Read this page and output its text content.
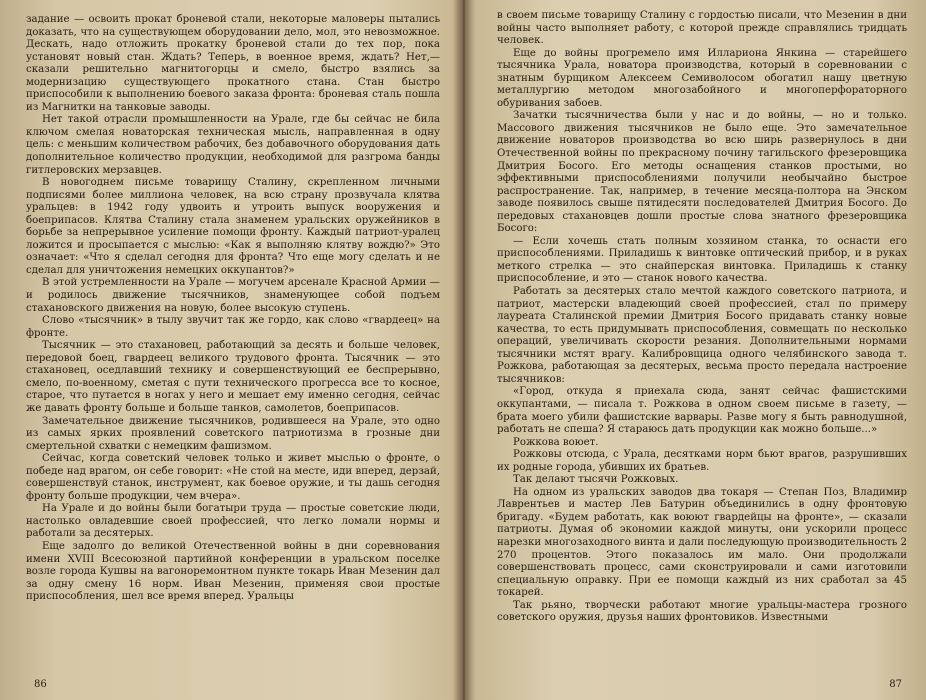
задание — освоить прокат броневой стали, некоторые маловеры пытались доказать, что на существующем оборудовании дело, мол, это невозможное. Дескать, надо отложить прокатку броневой стали до тех пор, пока установят новый стан. Ждать? Теперь, в военное время, ждать? Нет,—сказали решительно магнитогорцы и смело, быстро взялись за модернизацию существующего прокатного стана. Стан быстро приспособили к выполнению боевого заказа фронта: броневая сталь пошла из Магнитки на танковые заводы.

Нет такой отрасли промышленности на Урале, где бы сейчас не била ключом смелая новаторская техническая мысль, направленная в одну цель: с меньшим количеством рабочих, без добавочного оборудования дать дополнительное количество продукции, необходимой для разгрома банды гитлеровских мерзавцев.

В новогоднем письме товарищу Сталину, скрепленном личными подписями более миллиона человек, на всю страну прозвучала клятва уральцев: в 1942 году удвоить и утроить выпуск вооружения и боеприпасов. Клятва Сталину стала знаменем уральских оружейников в борьбе за непрерывное усиление помощи фронту. Каждый патриот-уралец ложится и просыпается с мыслью: «Как я выполняю клятву вождю?» Это означает: «Что я сделал сегодня для фронта? Что еще могу сделать и не сделал для уничтожения немецких оккупантов?»

В этой устремленности на Урале — могучем арсенале Красной Армии — и родилось движение тысячников, знаменующее собой подъем стахановского движения на новую, более высокую ступень.

Слово «тысячник» в тылу звучит так же гордо, как слово «гвардеец» на фронте.

Тысячник — это стахановец, работающий за десять и больше человек, передовой боец, гвардеец великого трудового фронта. Тысячник — это стахановец, оседлавший технику и совершенствующий ее беспрерывно, смело, по-военному, сметая с пути технического прогресса все то косное, старое, что путается в ногах у него и мешает ему именно сегодня, сейчас же давать фронту больше и больше танков, самолетов, боеприпасов.

Замечательное движение тысячников, родившееся на Урале, это одно из самых ярких проявлений советского патриотизма в грозные дни смертельной схватки с немецким фашизмом.

Сейчас, когда советский человек только и живет мыслью о фронте, о победе над врагом, он себе говорит: «Не стой на месте, иди вперед, дерзай, совершенствуй станок, инструмент, как боевое оружие, и ты дашь сегодня фронту больше продукции, чем вчера».

На Урале и до войны были богатыри труда — простые советские люди, настолько овладевшие своей профессией, что легко ломали нормы и работали за десятерых.

Еще задолго до великой Отечественной войны в дни соревнования имени XVIII Всесоюзной партийной конференции в уральском поселке возле города Кушвы на вагоноремонтном пункте токарь Иван Мезенин дал за одну смену 16 норм. Иван Мезенин, применяя свои простые приспособления, шел все время вперед. Уральцы

86

в своем письме товарищу Сталину с гордостью писали, что Мезенин в дни войны часто выполняет работу, с которой прежде справлялись тридцать человек.

Еще до войны прогремело имя Иллариона Янкина — старейшего тысячника Урала, новатора производства, который в соревновании с знатным бурщиком Алексеем Семиволосом обогатил нашу цветную металлургию методом многозабойного и многоперфораторного обуривания забоев.

Зачатки тысячничества были у нас и до войны, — но и только. Массового движения тысячников не было еще. Это замечательное движение новаторов производства во всю ширь развернулось в дни Отечественной войны по прекрасному почину тагильского фрезеровщика Дмитрия Босого. Его методы оснащения станков простыми, но эффективными приспособлениями получили необычайно быстрое распространение. Так, например, в течение месяца-полтора на Энском заводе появилось свыше пятидесяти последователей Дмитрия Босого. До передовых стахановцев дошли простые слова знатного фрезеровщика Босого:

— Если хочешь стать полным хозяином станка, то оснасти его приспособлениями. Приладишь к винтовке оптический прибор, и в руках меткого стрелка — это снайперская винтовка. Приладишь к станку приспособление, и это — станок нового качества.

Работать за десятерых стало мечтой каждого советского патриота, и патриот, мастерски владеющий своей профессией, стал по примеру лауреата Сталинской премии Дмитрия Босого придавать станку новые качества, то есть придумывать приспособления, совмещать по несколько операций, увеличивать скорости резания. Дополнительными нормами тысячники мстят врагу. Калибровщица одного челябинского завода т. Рожкова, работающая за десятерых, весьма просто передала настроение тысячников:

«Город, откуда я приехала сюда, занят сейчас фашистскими оккупантами, — писала т. Рожкова в одном своем письме в газету, — брата моего убили фашистские варвары. Разве могу я быть равнодушной, работать не спеша? Я стараюсь дать продукции как можно больше...»

Рожкова воюет.

Рожковы отсюда, с Урала, десятками норм бьют врагов, разрушивших их родные города, убивших их братьев.

Так делают тысячи Рожковых.

На одном из уральских заводов два токаря — Степан Поз, Владимир Лаврентьев и мастер Лев Батурин объединились в одну фронтовую бригаду. «Будем работать, как воюют гвардейцы на фронте», — сказали патриоты. Думая об экономии каждой минуты, они ускорили процесс нарезки многозаходного винта и дали последующую производительность 2 270 процентов. Этого показалось им мало. Они продолжали совершенствовать процесс, сами сконструировали и сами изготовили специальную оправку. При ее помощи каждый из них сработал за 45 токарей.

Так рьяно, творчески работают многие уральцы-мастера грозного советского оружия, друзья наших фронтовиков. Известными

87
